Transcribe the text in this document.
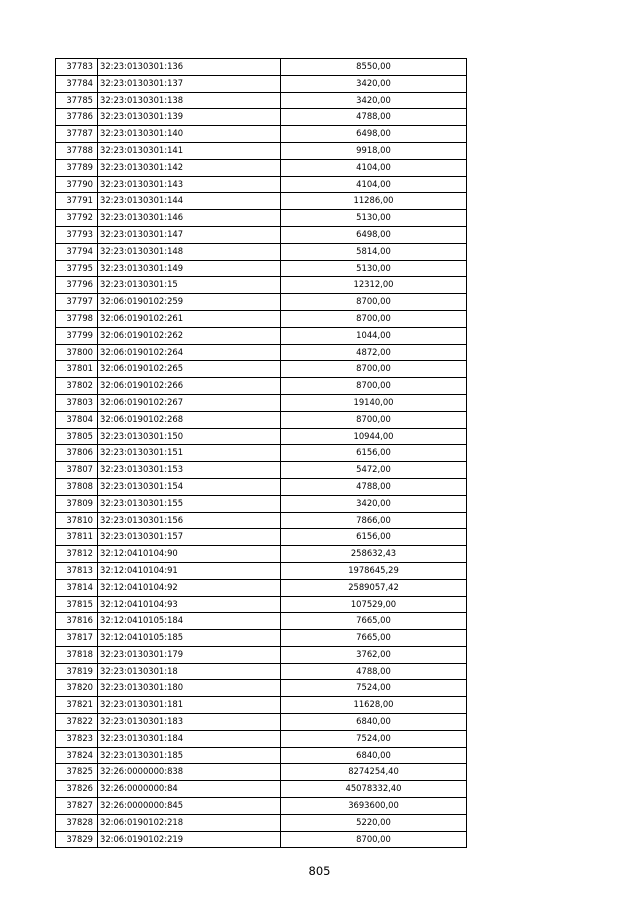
37783	32:23:0130301:136	8550,00
37784	32:23:0130301:137	3420,00
37785	32:23:0130301:138	3420,00
37786	32:23:0130301:139	4788,00
37787	32:23:0130301:140	6498,00
37788	32:23:0130301:141	9918,00
37789	32:23:0130301:142	4104,00
37790	32:23:0130301:143	4104,00
37791	32:23:0130301:144	11286,00
37792	32:23:0130301:146	5130,00
37793	32:23:0130301:147	6498,00
37794	32:23:0130301:148	5814,00
37795	32:23:0130301:149	5130,00
37796	32:23:0130301:15	12312,00
37797	32:06:0190102:259	8700,00
37798	32:06:0190102:261	8700,00
37799	32:06:0190102:262	1044,00
37800	32:06:0190102:264	4872,00
37801	32:06:0190102:265	8700,00
37802	32:06:0190102:266	8700,00
37803	32:06:0190102:267	19140,00
37804	32:06:0190102:268	8700,00
37805	32:23:0130301:150	10944,00
37806	32:23:0130301:151	6156,00
37807	32:23:0130301:153	5472,00
37808	32:23:0130301:154	4788,00
37809	32:23:0130301:155	3420,00
37810	32:23:0130301:156	7866,00
37811	32:23:0130301:157	6156,00
37812	32:12:0410104:90	258632,43
37813	32:12:0410104:91	1978645,29
37814	32:12:0410104:92	2589057,42
37815	32:12:0410104:93	107529,00
37816	32:12:0410105:184	7665,00
37817	32:12:0410105:185	7665,00
37818	32:23:0130301:179	3762,00
37819	32:23:0130301:18	4788,00
37820	32:23:0130301:180	7524,00
37821	32:23:0130301:181	11628,00
37822	32:23:0130301:183	6840,00
37823	32:23:0130301:184	7524,00
37824	32:23:0130301:185	6840,00
37825	32:26:0000000:838	8274254,40
37826	32:26:0000000:84	45078332,40
37827	32:26:0000000:845	3693600,00
37828	32:06:0190102:218	5220,00
37829	32:06:0190102:219	8700,00
805
